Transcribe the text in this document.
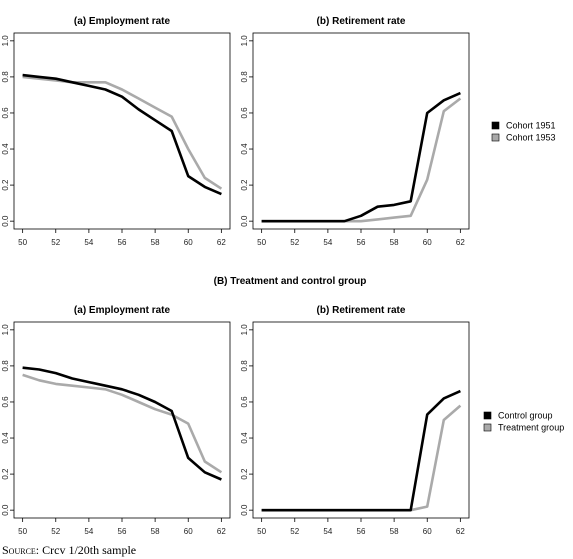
(B) Treatment and control group
(a) Employment rate
50	52	54	56	58	60	62
0.0
0.2
0.4
0.6
0.8
1.0
(b) Retirement rate
50	52	54	56	58	60	62
0.0
0.2
0.4
0.6
0.8
1.0
(a) Employment rate
50	52	54	56	58	60	62
0.0
0.2
0.4
0.6
0.8
1.0
(b) Retirement rate
50	52	54	56	58	60	62
0.0
0.2
0.4
0.6
0.8
1.0
Cohort 1951
Cohort 1953
Control group
Treatment group
Source: Crcv 1/20th sample
